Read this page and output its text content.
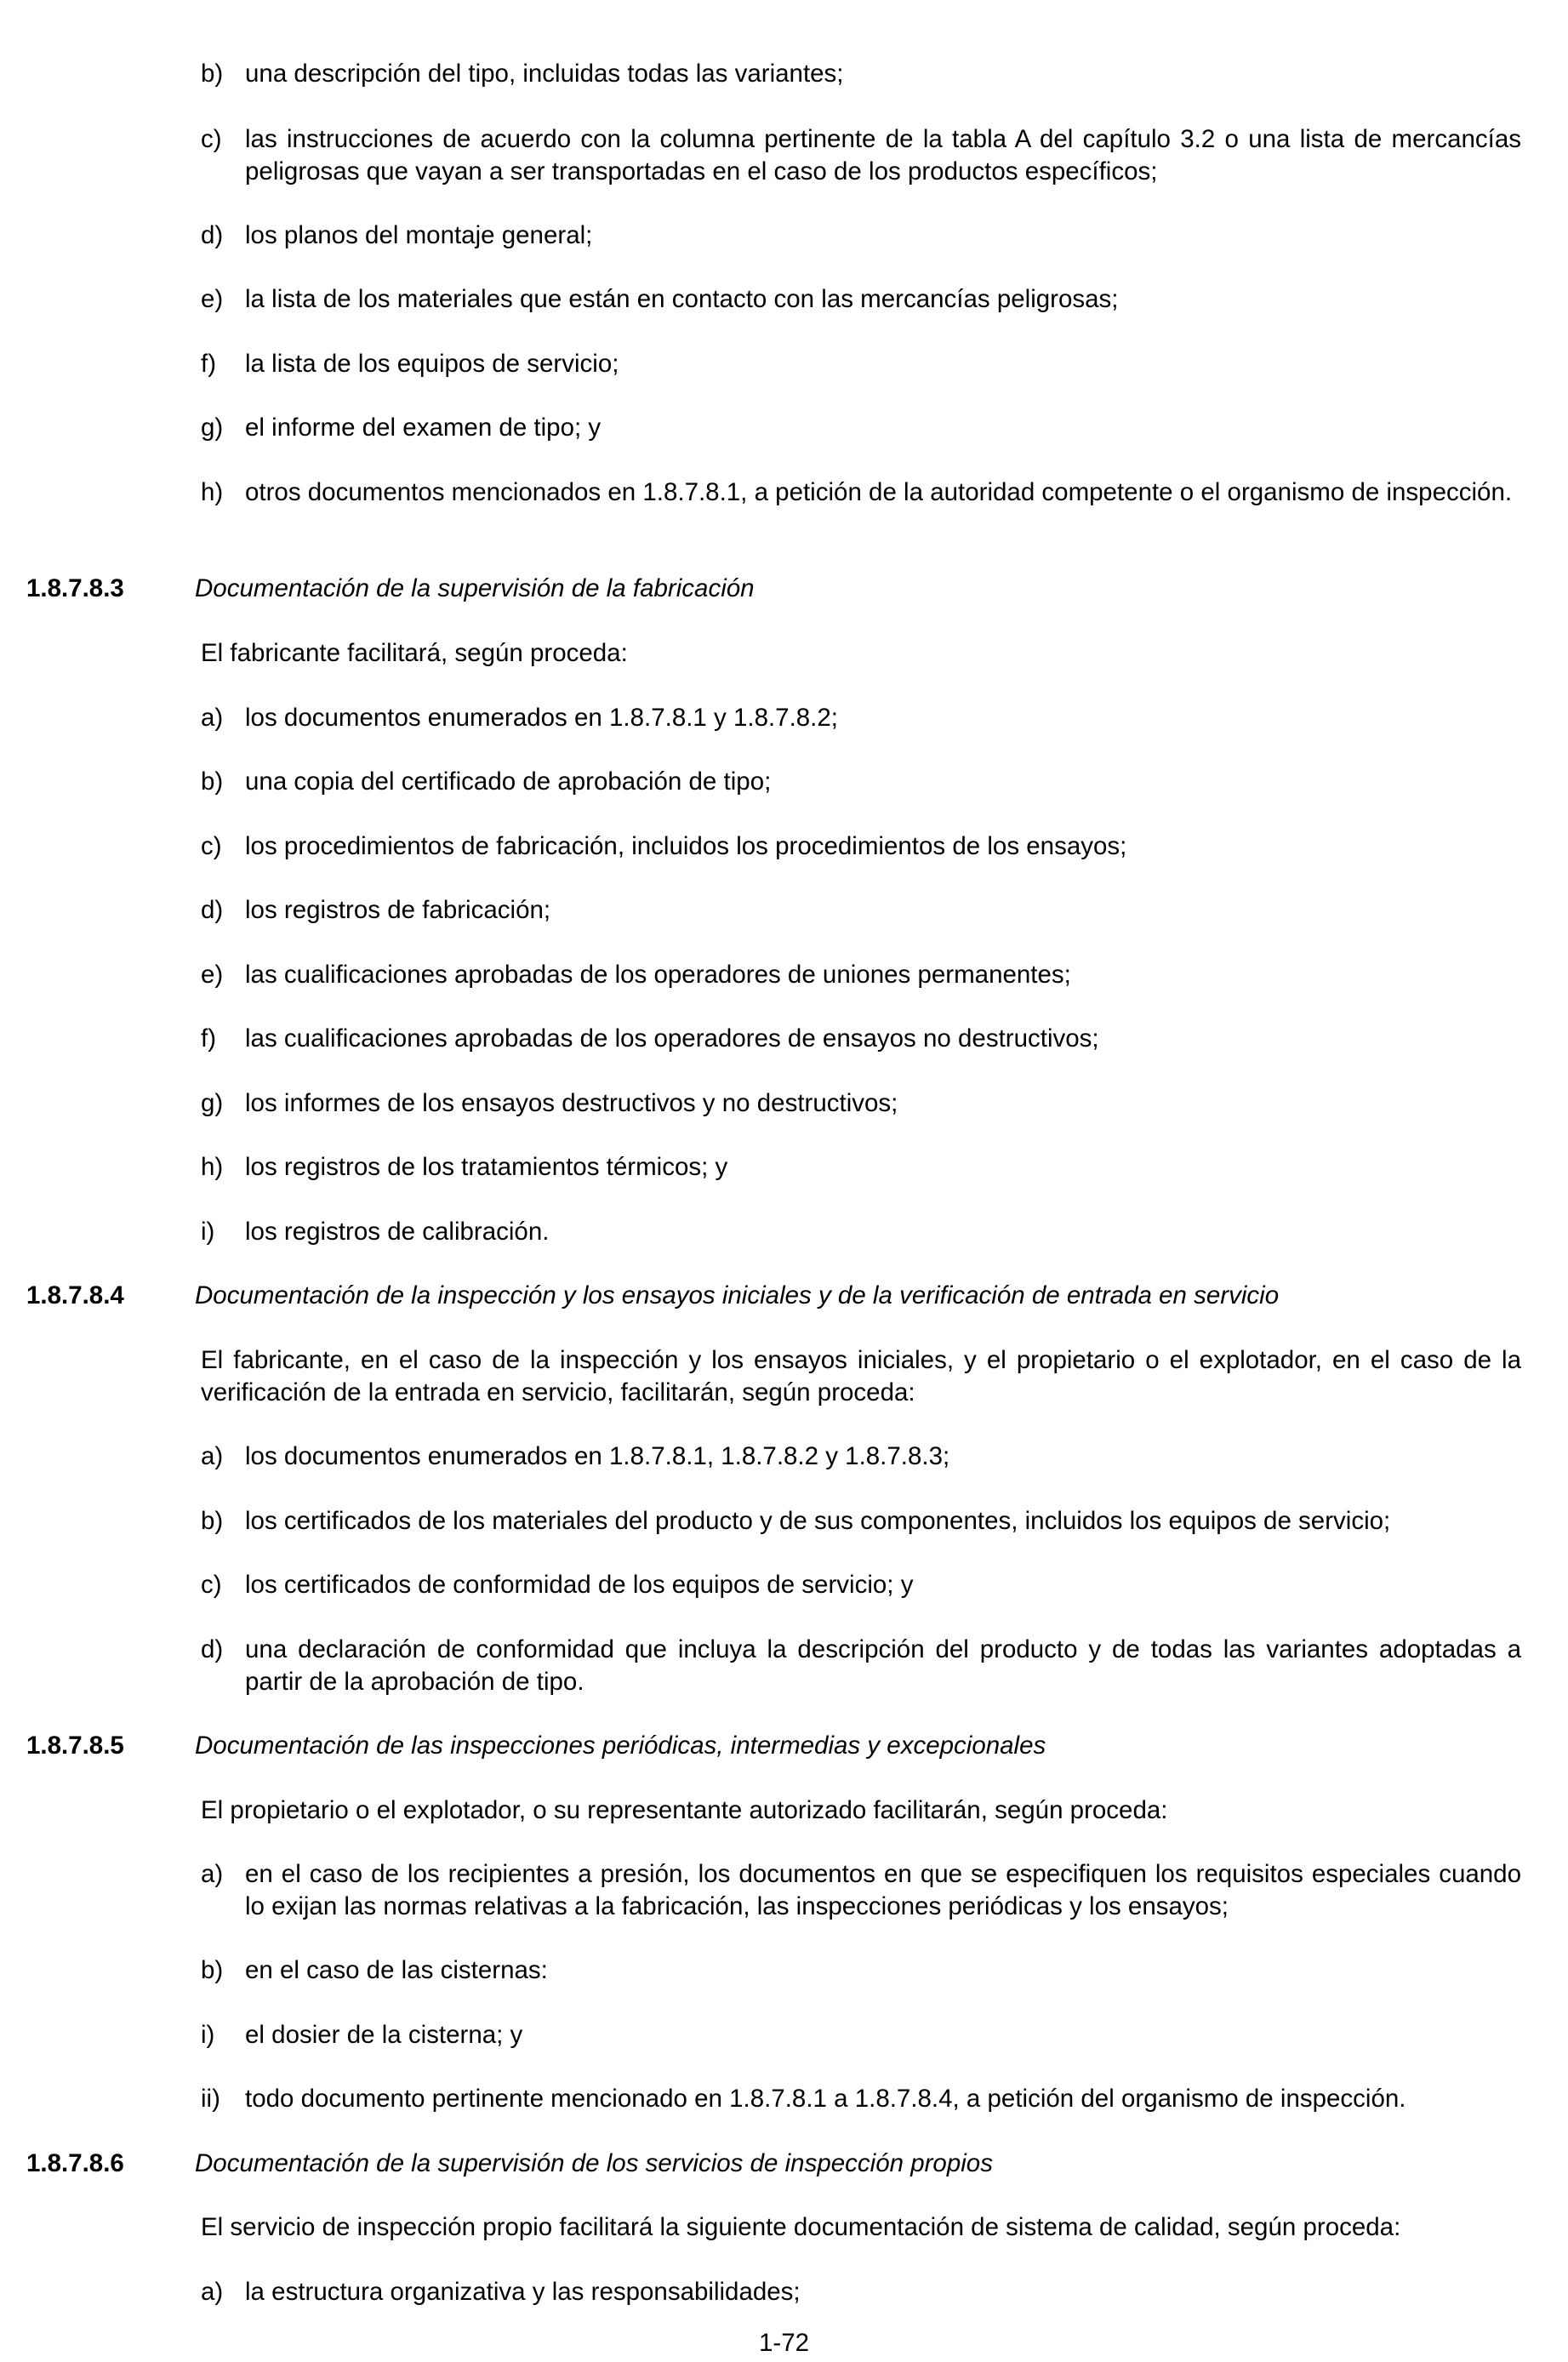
b) una descripción del tipo, incluidas todas las variantes;
c) las instrucciones de acuerdo con la columna pertinente de la tabla A del capítulo 3.2 o una lista de mercancías peligrosas que vayan a ser transportadas en el caso de los productos específicos;
d) los planos del montaje general;
e) la lista de los materiales que están en contacto con las mercancías peligrosas;
f) la lista de los equipos de servicio;
g) el informe del examen de tipo; y
h) otros documentos mencionados en 1.8.7.8.1, a petición de la autoridad competente o el organismo de inspección.
1.8.7.8.3	Documentación de la supervisión de la fabricación
El fabricante facilitará, según proceda:
a) los documentos enumerados en 1.8.7.8.1 y 1.8.7.8.2;
b) una copia del certificado de aprobación de tipo;
c) los procedimientos de fabricación, incluidos los procedimientos de los ensayos;
d) los registros de fabricación;
e) las cualificaciones aprobadas de los operadores de uniones permanentes;
f) las cualificaciones aprobadas de los operadores de ensayos no destructivos;
g) los informes de los ensayos destructivos y no destructivos;
h) los registros de los tratamientos térmicos; y
i) los registros de calibración.
1.8.7.8.4	Documentación de la inspección y los ensayos iniciales y de la verificación de entrada en servicio
El fabricante, en el caso de la inspección y los ensayos iniciales, y el propietario o el explotador, en el caso de la verificación de la entrada en servicio, facilitarán, según proceda:
a) los documentos enumerados en 1.8.7.8.1, 1.8.7.8.2 y 1.8.7.8.3;
b) los certificados de los materiales del producto y de sus componentes, incluidos los equipos de servicio;
c) los certificados de conformidad de los equipos de servicio; y
d) una declaración de conformidad que incluya la descripción del producto y de todas las variantes adoptadas a partir de la aprobación de tipo.
1.8.7.8.5	Documentación de las inspecciones periódicas, intermedias y excepcionales
El propietario o el explotador, o su representante autorizado facilitarán, según proceda:
a) en el caso de los recipientes a presión, los documentos en que se especifiquen los requisitos especiales cuando lo exijan las normas relativas a la fabricación, las inspecciones periódicas y los ensayos;
b) en el caso de las cisternas:
i) el dosier de la cisterna; y
ii) todo documento pertinente mencionado en 1.8.7.8.1 a 1.8.7.8.4, a petición del organismo de inspección.
1.8.7.8.6	Documentación de la supervisión de los servicios de inspección propios
El servicio de inspección propio facilitará la siguiente documentación de sistema de calidad, según proceda:
a) la estructura organizativa y las responsabilidades;
1-72
